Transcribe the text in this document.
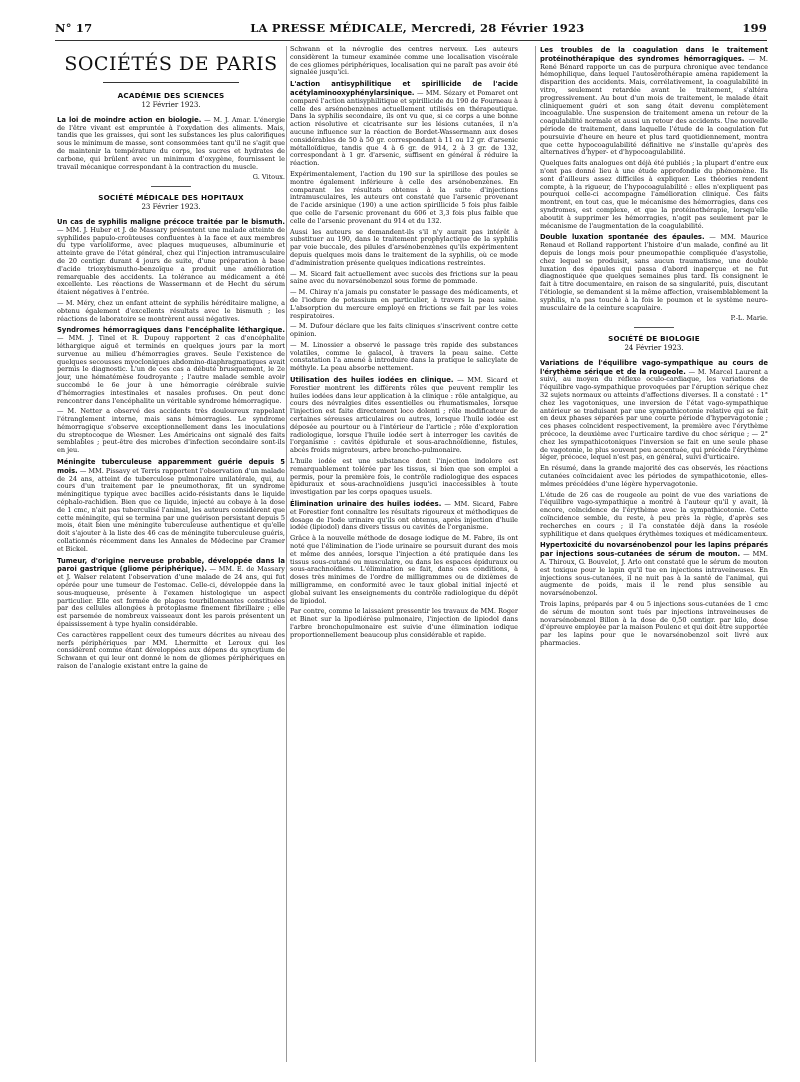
N° 17	LA PRESSE MÉDICALE, Mercredi, 28 Février 1923	199
SOCIÉTÉS DE PARIS
ACADÉMIE DES SCIENCES
12 Février 1923.

La loi de moindre action en biologie. — M. J. Amar. L'énergie de l'être vivant est empruntée à l'oxydation des aliments. Mais, tandis que les graisses, qui sont les substances les plus calorifiques sous le minimum de masse, sont consommées tant qu'il ne s'agit que de maintenir la température du corps, les sucres et hydrates de carbone, qui brûlent avec un minimum d'oxygène, fournissent le travail mécanique correspondant à la contraction du muscle.

G. Vitoux.
SOCIÉTÉ MÉDICALE DES HOPITAUX
23 Février 1923.

Un cas de syphilis maligne précoce traitée par le bismuth. — MM. J. Huber et J. de Massary présentent une malade atteinte de syphilides papulo-croûteuses confluentes à la face et aux membres du type varioliforme, avec plaques muqueuses, albuminurie et atteinte grave de l'état général, chez qui l'injection intramusculaire de 20 centigr. durant 4 jours de suite, d'une préparation à base d'acide trioxybismutho-benzoïque a produit une amélioration remarquable des accidents. La tolérance au médicament a été excellente. Les réactions de Wassermann et de Hecht du sérum étaient négatives à l'entrée.

— M. Méry, chez un enfant atteint de syphilis héréditaire maligne, a obtenu également d'excellents résultats avec le bismuth ; les réactions de laboratoire se montrèrent aussi négatives.

Syndromes hémorragiques dans l'encéphalite léthargique. — MM. J. Tinel et R. Dupouy rapportent 2 cas d'encéphalite léthargique aiguë et terminés en quelques jours par la mort survenue au milieu d'hémorragies graves. Seule l'existence de quelques secousses myocloniques abdomino-diaphragmatiques avait permis le diagnostic. L'un de ces cas a débuté brusquement, le 2e jour, une hématémèse foudroyante ; l'autre malade semble avoir succombé le 6e jour à une hémorragie cérébrale suivie d'hémorragies intestinales et nasales profuses. On peut donc rencontrer dans l'encéphalite un véritable syndrome hémorragique.

— M. Netter a observé des accidents très douloureux rappelant l'étranglement interne, mais sans hémorragies. Le syndrome hémorragique s'observe exceptionnellement dans les inoculations du streptocoque de Wiesner. Les Américains ont signalé des faits semblables ; peut-être des microbes d'infection secondaire sont-ils en jeu.

Méningite tuberculeuse apparemment guérie depuis 5 mois. — MM. Pissavy et Terris rapportent l'observation d'un malade de 24 ans, atteint de tuberculose pulmonaire unilatérale, qui, au cours d'un traitement par le pneumothorax, fit un syndrome méningitique typique avec bacilles acido-résistants dans le liquide céphalo-rachidien. Bien que ce liquide, injecté au cobaye à la dose de 1 cmc, n'ait pas tuberculisé l'animal, les auteurs considèrent que cette méningite, qui se termina par une guérison persistant depuis 5 mois, était bien une méningite tuberculeuse authentique et qu'elle doit s'ajouter à la liste des 46 cas de méningite tuberculeuse guéris, collationnés récemment dans les Annales de Médecine par Cramer et Bickel.

Tumeur, d'origine nerveuse probable, développée dans la paroi gastrique (gliome périphérique). — MM. E. de Massary et J. Walser relatent l'observation d'une malade de 24 ans, qui fut opérée pour une tumeur de l'estomac. Celle-ci, développée dans la sous-muqueuse, présente à l'examen histologique un aspect particulier. Elle est formée de plages tourbillonnantes constituées par des cellules allongées à protoplasme finement fibrillaire ; elle est parsemée de nombreux vaisseaux dont les parois présentent un épaississement à type hyalin considérable.

Ces caractères rappellent ceux des tumeurs décrites au niveau des nerfs périphériques par MM. Lhermitte et Leroux qui les considèrent comme étant développées aux dépens du syncytium de Schwann et qui leur ont donné le nom de gliomes périphériques en raison de l'analogie existant entre la gaine de

Schwann et la névroglie des centres nerveux. Les auteurs considèrent la tumeur examinée comme une localisation viscérale de ces gliomes périphériques, localisation qui ne paraît pas avoir été signalée jusqu'ici.

L'action antisyphilitique et spirillicide de l'acide acétylaminooxyphénylarsinique. — MM. Sézary et Pomaret ont comparé l'action antisyphilitique et spirillicide du 190 de Fourneau à celle des arsénobenzènes actuellement utilisés en thérapeutique. Dans la syphilis secondaire, ils ont vu que, si ce corps a une bonne action résolutive et cicatrisante sur les lésions cutanées, il n'a aucune influence sur la réaction de Bordet-Wassermann aux doses considérables de 50 à 50 gr. correspondant à 11 ou 12 gr. d'arsenic métalloïdique, tandis que 4 à 6 gr. de 914, 2 à 3 gr. de 132, correspondant à 1 gr. d'arsenic, suffisent en général à réduire la réaction.

Expérimentalement, l'action du 190 sur la spirillose des poules se montre également inférieure à celle des arsénobenzènes. En comparant les résultats obtenus à la suite d'injections intramusculaires, les auteurs ont constaté que l'arsenic provenant de l'acide arsinique (190) a une action spirillicide 5 fois plus faible que celle de l'arsenic provenant du 606 et 3,3 fois plus faible que celle de l'arsenic provenant du 914 et du 132.

Aussi les auteurs se demandent-ils s'il n'y aurait pas intérêt à substituer au 190, dans le traitement prophylactique de la syphilis par voie buccale, des pilules d'arsénobenzènes qu'ils expérimentent depuis quelques mois dans le traitement de la syphilis, où ce mode d'administration présente quelques indications restreintes.

— M. Sicard fait actuellement avec succès des frictions sur la peau saine avec du novarsénobenzol sous forme de pommade.

— M. Chiray n'a jamais pu constater le passage des médicaments, et de l'iodure de potassium en particulier, à travers la peau saine. L'absorption du mercure employé en frictions se fait par les voies respiratoires.

— M. Dufour déclare que les faits cliniques s'inscrivent contre cette opinion.

— M. Linossier a observé le passage très rapide des substances volatiles, comme le gaïacol, à travers la peau saine. Cette constatation l'a amené à introduire dans la pratique le salicylate de méthyle. La peau absorbe nettement.

Utilisation des huiles iodées en clinique. — MM. Sicard et Forestier montrent les différents rôles que peuvent remplir les huiles iodées dans leur application à la clinique : rôle antalgique, au cours des névralgies dites essentielles ou rhumatismales, lorsque l'injection est faite directement loco dolenti ; rôle modificateur de certaines séreuses articulaires ou autres, lorsque l'huile iodée est déposée au pourtour ou à l'intérieur de l'article ; rôle d'exploration radiologique, lorsque l'huile iodée sert à interroger les cavités de l'organisme : cavités épidurale et sous-arachnoïdienne, fistules, abcès froids migrateurs, arbre broncho-pulmonaire.

L'huile iodée est une substance dont l'injection indolore est remarquablement tolérée par les tissus, si bien que son emploi a permis, pour la première fois, le contrôle radiologique des espaces épiduraux et sous-arachnoïdiens jusqu'ici inaccessibles à toute investigation par les corps opaques usuels.

Élimination urinaire des huiles iodées. — MM. Sicard, Fabre et Forestier font connaître les résultats rigoureux et méthodiques de dosage de l'iode urinaire qu'ils ont obtenus, après injection d'huile iodée (lipiodol) dans divers tissus ou cavités de l'organisme.

Grâce à la nouvelle méthode de dosage iodique de M. Fabre, ils ont noté que l'élimination de l'iode urinaire se poursuit durant des mois et même des années, lorsque l'injection a été pratiquée dans les tissus sous-cutané ou musculaire, ou dans les espaces épiduraux ou sous-arachnoïdiens. L'élimination se fait, dans ces conditions, à doses très minimes de l'ordre de milligrammes ou de dixièmes de milligramme, en conformité avec le taux global initial injecté et global suivant les enseignements du contrôle radiologique du dépôt de lipiodol.

Par contre, comme le laissaient pressentir les travaux de MM. Roger et Binet sur la lipodiérèse pulmonaire, l'injection de lipiodol dans l'arbre bronchopulmonaire est suivie d'une élimination iodique proportionnellement beaucoup plus considérable et rapide.

Les troubles de la coagulation dans le traitement protéinothérapique des syndromes hémorragiques. — M. René Bénard rapporte un cas de purpura chronique avec tendance hémophilique, dans lequel l'autosérothérapie amena rapidement la disparition des accidents. Mais, corrélativement, la coagulabilité in vitro, seulement retardée avant le traitement, s'altéra progressivement. Au bout d'un mois de traitement, le malade était cliniquement guéri et son sang était devenu complètement incoagulable. Une suspension de traitement amena un retour de la coagulabilité normale et aussi un retour des accidents. Une nouvelle période de traitement, dans laquelle l'étude de la coagulation fut poursuivie d'heure en heure et plus tard quotidiennement, montra que cette hypocoagulabilité définitive ne s'installe qu'après des alternatives d'hyper- et d'hypocoagulabilité.

Quelques faits analogues ont déjà été publiés ; la plupart d'entre eux n'ont pas donné lieu à une étude approfondie du phénomène. Ils sont d'ailleurs assez difficiles à expliquer. Les théories rendent compte, à la rigueur, de l'hypocoagulabilité : elles n'expliquent pas pourquoi celle-ci accompagne l'amélioration clinique. Ces faits montrent, en tout cas, que le mécanisme des hémorragies, dans ces syndromes, est complexe, et que la protéinothérapie, lorsqu'elle aboutit à supprimer les hémorragies, n'agit pas seulement par le mécanisme de l'augmentation de la coagulabilité.

Double luxation spontanée des épaules. — MM. Maurice Renaud et Rolland rapportent l'histoire d'un malade, confiné au lit depuis de longs mois pour pneumopathie compliquée d'asystolie, chez lequel se produisit, sans aucun traumatisme, une double luxation des épaules qui passa d'abord inaperçue et ne fut diagnostiquée que quelques semaines plus tard. Ils consignent le fait à titre documentaire, en raison de sa singularité, puis, discutant l'étiologie, se demandent si la même affection, vraisemblablement la syphilis, n'a pas touché à la fois le poumon et le système neuro-musculaire de la ceinture scapulaire.

P.-L. Marie.
SOCIÉTÉ DE BIOLOGIE
24 Février 1923.

Variations de l'équilibre vago-sympathique au cours de l'érythème sérique et de la rougeole. — M. Marcel Laurent a suivi, au moyen du réflexe oculo-cardiaque, les variations de l'équilibre vago-sympathique provoquées par l'éruption sérique chez 32 sujets normaux ou atteints d'affections diverses. Il a constaté : 1° chez les vagotoniques, une inversion de l'état vago-sympathique antérieur se traduisant par une sympathicotonie relative qui se fait en deux phases séparées par une courte période d'hypervagotonie ; ces phases coïncident respectivement, la première avec l'érythème précoce, la deuxième avec l'urticaire tardive du choc sérique ; — 2° chez les sympathicotoniques l'inversion se fait en une seule phase de vagotonie, le plus souvent peu accentuée, qui précède l'érythème léger, précoce, lequel n'est pas, en général, suivi d'urticaire.

En résumé, dans la grande majorité des cas observés, les réactions cutanées coïncidaient avec les périodes de sympathicotonie, elles-mêmes précédées d'une légère hypervagotonie.

L'étude de 26 cas de rougeole au point de vue des variations de l'équilibre vago-sympathique a montré à l'auteur qu'il y avait, là encore, coïncidence de l'érythème avec la sympathicotonie. Cette coïncidence semble, du reste, à peu près la règle, d'après ses recherches en cours ; il l'a constatée déjà dans la roséole syphilitique et dans quelques érythèmes toxiques et médicamenteux.

Hypertoxicité du novarsénobenzol pour les lapins préparés par injections sous-cutanées de sérum de mouton. — MM. A. Thiroux, G. Bouvelot, J. Arlo ont constaté que le sérum de mouton est toxique pour le lapin qu'il tue en injections intraveineuses. En injections sous-cutanées, il ne nuit pas à la santé de l'animal, qui augmente de poids, mais il le rend plus sensible au novarsénobenzol.

Trois lapins, préparés par 4 ou 5 injections sous-cutanées de 1 cmc de sérum de mouton sont tués par injections intraveineuses de novarsénobenzol Billon à la dose de 0,50 centigr. par kilo, dose d'épreuve employée par la maison Poulenc et qui doit être supportée par les lapins pour que le novarsénobenzol soit livré aux pharmacies.
